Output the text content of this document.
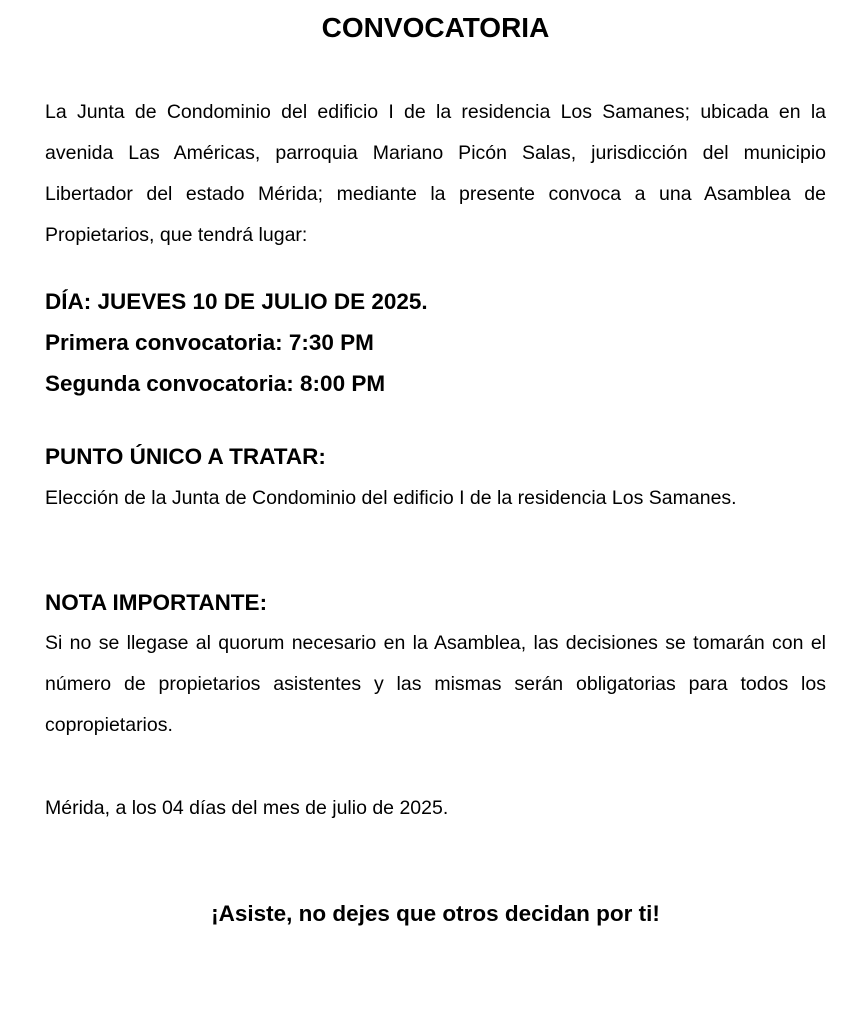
CONVOCATORIA

La Junta de Condominio del edificio I de la residencia Los Samanes; ubicada en la avenida Las Américas, parroquia Mariano Picón Salas, jurisdicción del municipio Libertador del estado Mérida; mediante la presente convoca a una Asamblea de Propietarios, que tendrá lugar:

DÍA: JUEVES 10 DE JULIO DE 2025.

Primera convocatoria: 7:30 PM

Segunda convocatoria: 8:00 PM

PUNTO ÚNICO A TRATAR:

Elección de la Junta de Condominio del edificio I de la residencia Los Samanes.

NOTA IMPORTANTE:

Si no se llegase al quorum necesario en la Asamblea, las decisiones se tomarán con el número de propietarios asistentes y las mismas serán obligatorias para todos los copropietarios.

Mérida, a los 04 días del mes de julio de 2025.

¡Asiste, no dejes que otros decidan por ti!
